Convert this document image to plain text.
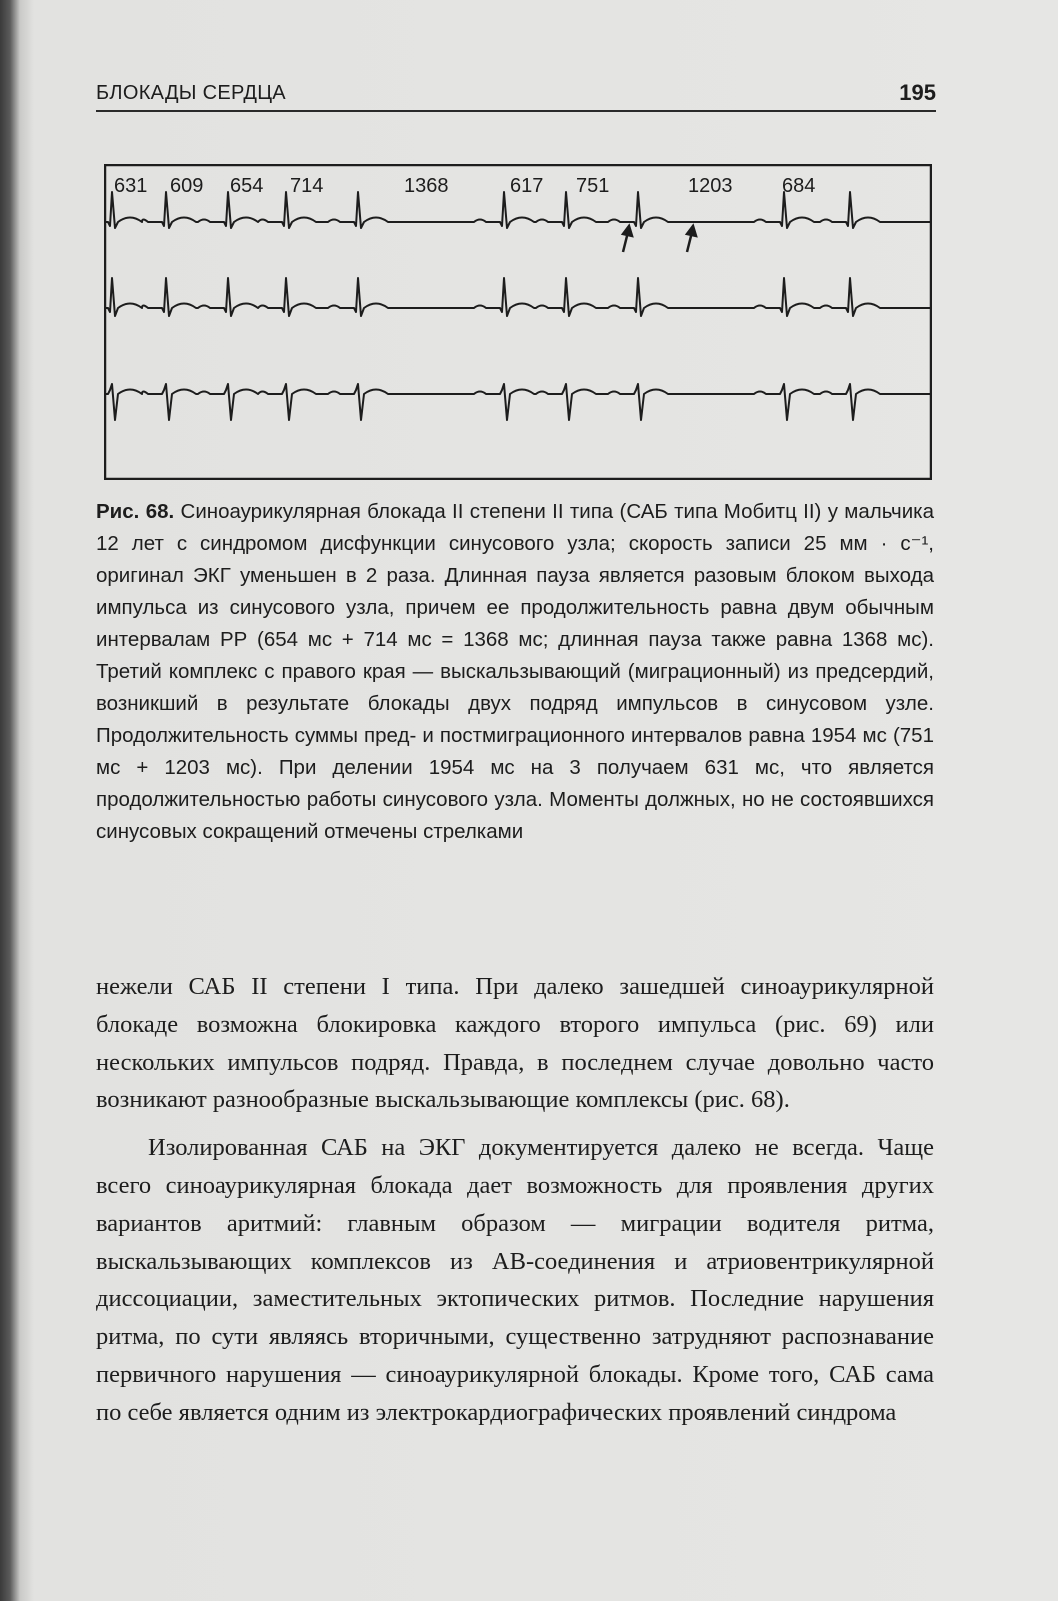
БЛОКАДЫ СЕРДЦА	195
631 609 654 714	1368	617 751	1203 684

Рис. 68. Синоаурикулярная блокада II степени II типа (САБ типа Мобитц II) у мальчика 12 лет с синдромом дисфункции синусового узла; скорость записи 25 мм · с⁻¹, оригинал ЭКГ уменьшен в 2 раза. Длинная пауза является разовым блоком выхода импульса из синусового узла, причем ее продолжительность равна двум обычным интервалам РР (654 мс + 714 мс = 1368 мс; длинная пауза также равна 1368 мс). Третий комплекс с правого края — выскальзывающий (миграционный) из предсердий, возникший в результате блокады двух подряд импульсов в синусовом узле. Продолжительность суммы пред- и постмиграционного интервалов равна 1954 мс (751 мс + 1203 мс). При делении 1954 мс на 3 получаем 631 мс, что является продолжительностью работы синусового узла. Моменты должных, но не состоявшихся синусовых сокращений отмечены стрелками

нежели САБ II степени I типа. При далеко зашедшей синоаурикулярной блокаде возможна блокировка каждого второго импульса (рис. 69) или нескольких импульсов подряд. Правда, в последнем случае довольно часто возникают разнообразные выскальзывающие комплексы (рис. 68).

Изолированная САБ на ЭКГ документируется далеко не всегда. Чаще всего синоаурикулярная блокада дает возможность для проявления других вариантов аритмий: главным образом — миграции водителя ритма, выскальзывающих комплексов из АВ-соединения и атриовентрикулярной диссоциации, заместительных эктопических ритмов. Последние нарушения ритма, по сути являясь вторичными, существенно затрудняют распознавание первичного нарушения — синоаурикулярной блокады. Кроме того, САБ сама по себе является одним из электрокардиографических проявлений синдрома
